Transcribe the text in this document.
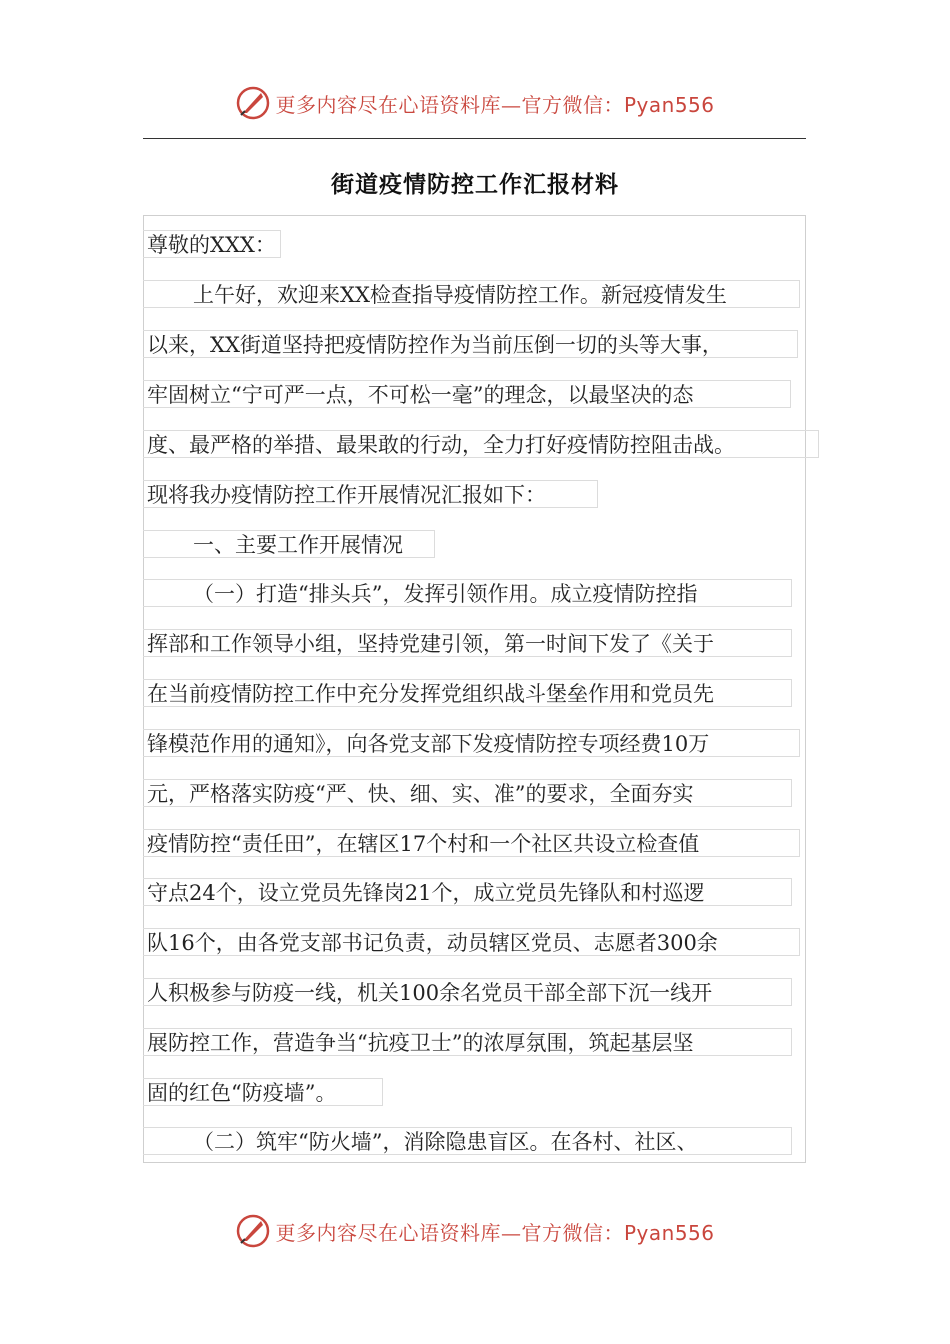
更多内容尽在心语资料库—官方微信：Pyan556
街道疫情防控工作汇报材料
尊敬的XXX：
上午好，欢迎来XX检查指导疫情防控工作。新冠疫情发生
以来，XX街道坚持把疫情防控作为当前压倒一切的头等大事，
牢固树立“宁可严一点，不可松一毫”的理念，以最坚决的态
度、最严格的举措、最果敢的行动，全力打好疫情防控阻击战。
现将我办疫情防控工作开展情况汇报如下：
一、主要工作开展情况
（一）打造“排头兵”，发挥引领作用。成立疫情防控指
挥部和工作领导小组，坚持党建引领，第一时间下发了《关于
在当前疫情防控工作中充分发挥党组织战斗堡垒作用和党员先
锋模范作用的通知》，向各党支部下发疫情防控专项经费10万
元，严格落实防疫“严、快、细、实、准”的要求，全面夯实
疫情防控“责任田”，在辖区17个村和一个社区共设立检查值
守点24个，设立党员先锋岗21个，成立党员先锋队和村巡逻
队16个，由各党支部书记负责，动员辖区党员、志愿者300余
人积极参与防疫一线，机关100余名党员干部全部下沉一线开
展防控工作，营造争当“抗疫卫士”的浓厚氛围，筑起基层坚
固的红色“防疫墙”。
（二）筑牢“防火墙”，消除隐患盲区。在各村、社区、
更多内容尽在心语资料库—官方微信：Pyan556
